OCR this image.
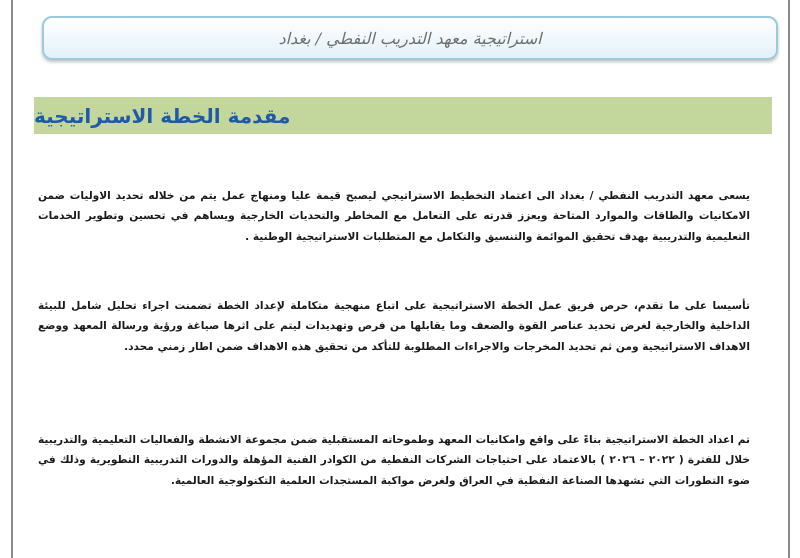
استراتيجية معهد التدريب النفطي / بغداد
مقدمة الخطة الاستراتيجية

يسعى معهد التدريب النفطي / بغداد الى اعتماد التخطيط الاستراتيجي ليصبح قيمة عليا ومنهاج عمل يتم من خلاله تحديد الاوليات ضمن الامكانيات والطاقات والموارد المتاحة ويعزز قدرته على التعامل مع المخاطر والتحديات الخارجية ويساهم في تحسين وتطوير الخدمات التعليمية والتدريبية بهدف تحقيق الموائمة والتنسيق والتكامل مع المتطلبات الاستراتيجية الوطنية .

تأسيسا على ما تقدم، حرص فريق عمل الخطة الاستراتيجية على اتباع منهجية متكاملة لإعداد الخطة تضمنت اجراء تحليل شامل للبيئة الداخلية والخارجية لغرض تحديد عناصر القوة والضعف وما يقابلها من فرص وتهديدات ليتم على اثرها صياغة ورؤية ورسالة المعهد ووضع الاهداف الاستراتيجية ومن ثم تحديد المخرجات والاجراءات المطلوبة للتأكد من تحقيق هذه الاهداف ضمن اطار زمني محدد.

تم اعداد الخطة الاستراتيجية بناءً على واقع وامكانيات المعهد وطموحاته المستقبلية ضمن مجموعة الانشطة والفعاليات التعليمية والتدريبية خلال للفترة ( ٢٠٢٢ – ٢٠٢٦ ) بالاعتماد على احتياجات الشركات النفطية من الكوادر الفنية المؤهلة والدورات التدريبية التطويرية وذلك في ضوء التطورات التي تشهدها الصناعة النفطية في العراق ولغرض مواكبة المستجدات العلمية التكنولوجية العالمية.
